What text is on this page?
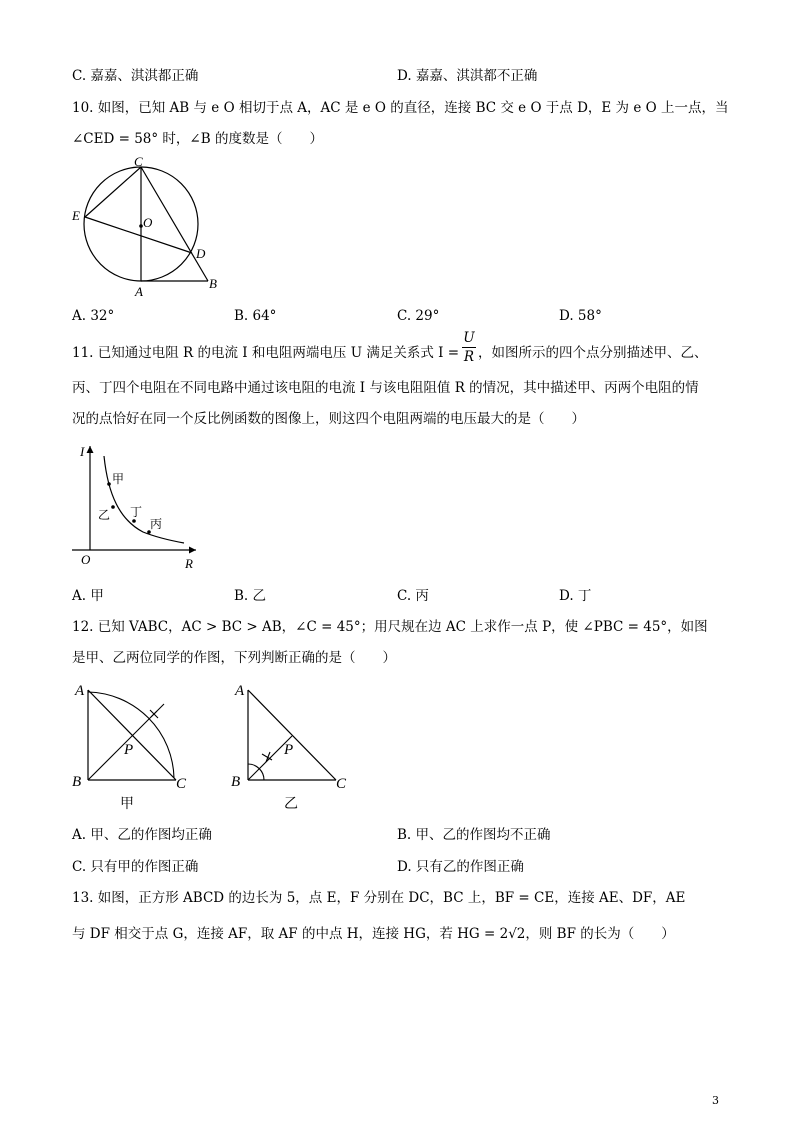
C. 嘉嘉、淇淇都正确	D. 嘉嘉、淇淇都不正确
10. 如图，已知 AB 与 e O 相切于点 A，AC 是 e O 的直径，连接 BC 交 e O 于点 D，E 为 e O 上一点，当
∠CED = 58° 时，∠B 的度数是（　　）
C
E	O
D
A
B
A. 32°	B. 64°	C. 29°	D. 58°
11. 已知通过电阻 R 的电流 I 和电阻两端电压 U 满足关系式 I =
U
R ，如图所示的四个点分别描述甲、乙、
丙、丁四个电阻在不同电路中通过该电阻的电流 I 与该电阻阻值 R 的情况，其中描述甲、丙两个电阻的情
况的点恰好在同一个反比例函数的图像上，则这四个电阻两端的电压最大的是（　　）
I
O	R
甲
乙 丁
丙
A. 甲	B. 乙	C. 丙	D. 丁
12. 已知 VABC，AC > BC > AB，∠C = 45°；用尺规在边 AC 上求作一点 P，使 ∠PBC = 45°，如图
是甲、乙两位同学的作图，下列判断正确的是（　　）
A
B	C
P
甲
A
B	C
P
乙
A. 甲、乙的作图均正确	B. 甲、乙的作图均不正确
C. 只有甲的作图正确	D. 只有乙的作图正确
13. 如图，正方形 ABCD 的边长为 5，点 E，F 分别在 DC，BC 上，BF = CE，连接 AE、DF，AE
与 DF 相交于点 G，连接 AF，取 AF 的中点 H，连接 HG，若 HG = 2√2，则 BF 的长为（　　）
3
